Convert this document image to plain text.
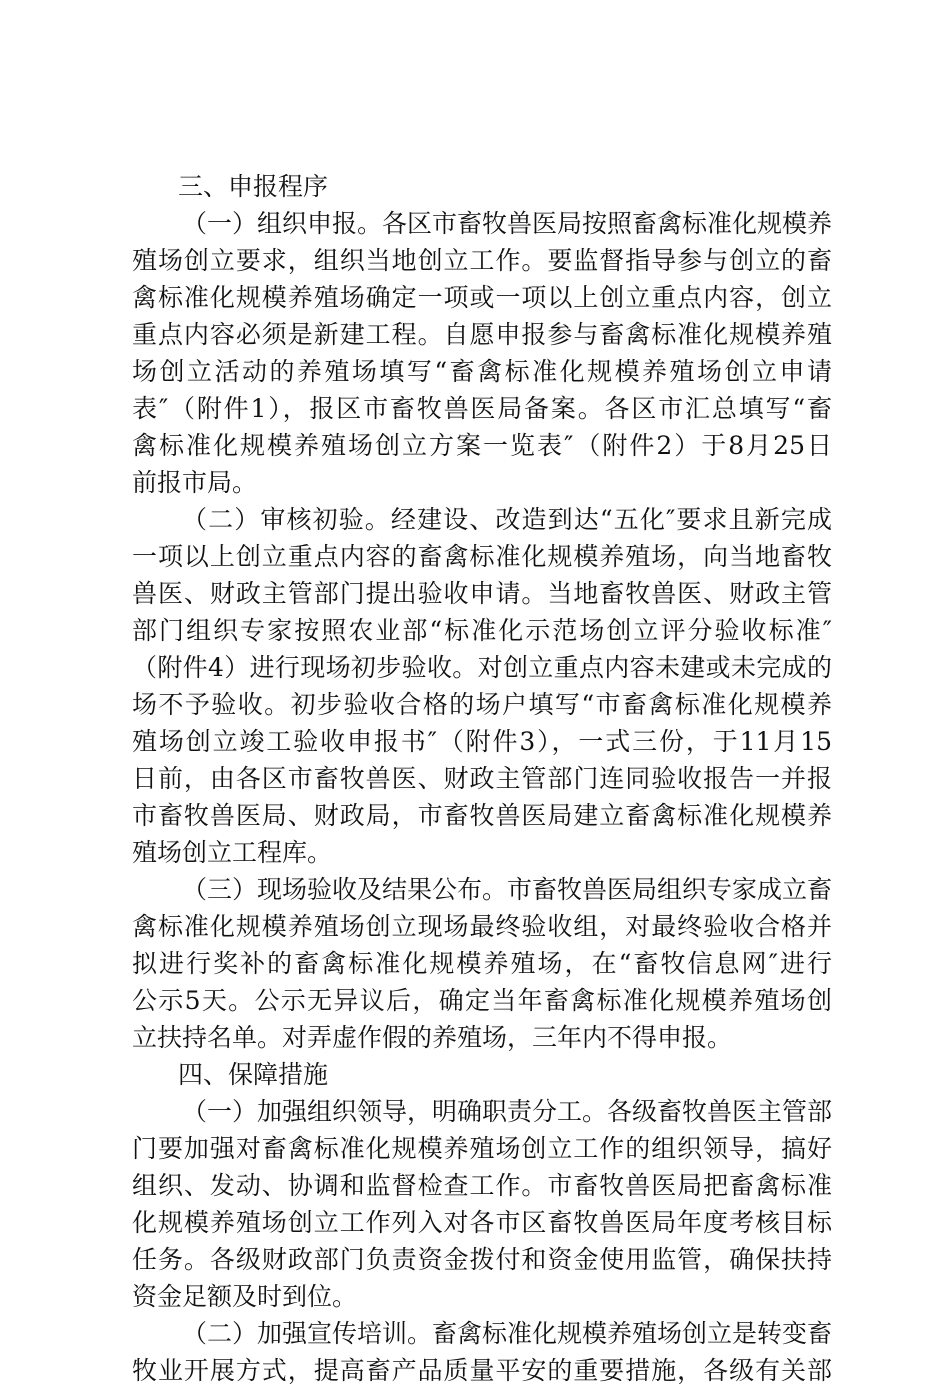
三、申报程序
（一）组织申报。各区市畜牧兽医局按照畜禽标准化规模养
殖场创立要求，组织当地创立工作。要监督指导参与创立的畜
禽标准化规模养殖场确定一项或一项以上创立重点内容，创立
重点内容必须是新建工程。自愿申报参与畜禽标准化规模养殖
场创立活动的养殖场填写“畜禽标准化规模养殖场创立申请
表″（附件1），报区市畜牧兽医局备案。各区市汇总填写“畜
禽标准化规模养殖场创立方案一览表″（附件2）于8月25日
前报市局。
（二）审核初验。经建设、改造到达“五化″要求且新完成
一项以上创立重点内容的畜禽标准化规模养殖场，向当地畜牧
兽医、财政主管部门提出验收申请。当地畜牧兽医、财政主管
部门组织专家按照农业部“标准化示范场创立评分验收标准″
（附件4）进行现场初步验收。对创立重点内容未建或未完成的
场不予验收。初步验收合格的场户填写“市畜禽标准化规模养
殖场创立竣工验收申报书″（附件3），一式三份，于11月15
日前，由各区市畜牧兽医、财政主管部门连同验收报告一并报
市畜牧兽医局、财政局，市畜牧兽医局建立畜禽标准化规模养
殖场创立工程库。
（三）现场验收及结果公布。市畜牧兽医局组织专家成立畜
禽标准化规模养殖场创立现场最终验收组，对最终验收合格并
拟进行奖补的畜禽标准化规模养殖场，在“畜牧信息网″进行
公示5天。公示无异议后，确定当年畜禽标准化规模养殖场创
立扶持名单。对弄虚作假的养殖场，三年内不得申报。
四、保障措施
（一）加强组织领导，明确职责分工。各级畜牧兽医主管部
门要加强对畜禽标准化规模养殖场创立工作的组织领导，搞好
组织、发动、协调和监督检查工作。市畜牧兽医局把畜禽标准
化规模养殖场创立工作列入对各市区畜牧兽医局年度考核目标
任务。各级财政部门负责资金拨付和资金使用监管，确保扶持
资金足额及时到位。
（二）加强宣传培训。畜禽标准化规模养殖场创立是转变畜
牧业开展方式，提高畜产品质量平安的重要措施，各级有关部
